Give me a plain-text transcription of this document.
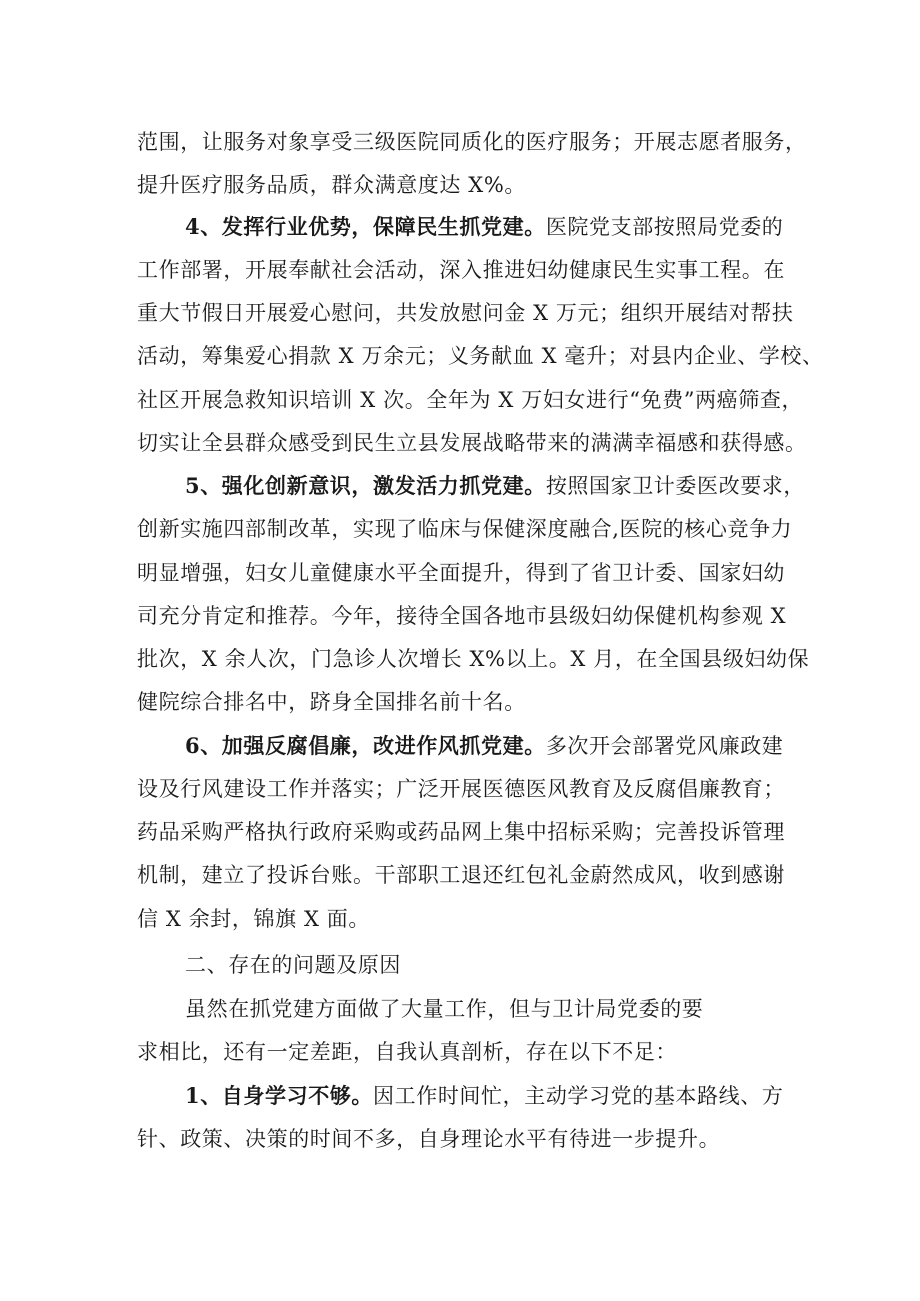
范围，让服务对象享受三级医院同质化的医疗服务；开展志愿者服务，
提升医疗服务品质，群众满意度达 X%。
4、发挥行业优势，保障民生抓党建。医院党支部按照局党委的
工作部署，开展奉献社会活动，深入推进妇幼健康民生实事工程。在
重大节假日开展爱心慰问，共发放慰问金 X 万元；组织开展结对帮扶
活动，筹集爱心捐款 X 万余元；义务献血 X 毫升；对县内企业、学校、
社区开展急救知识培训 X 次。全年为 X 万妇女进行“免费”两癌筛查，
切实让全县群众感受到民生立县发展战略带来的满满幸福感和获得感。
5、强化创新意识，激发活力抓党建。按照国家卫计委医改要求，
创新实施四部制改革，实现了临床与保健深度融合,医院的核心竞争力
明显增强，妇女儿童健康水平全面提升，得到了省卫计委、国家妇幼
司充分肯定和推荐。今年，接待全国各地市县级妇幼保健机构参观 X
批次，X 余人次，门急诊人次增长 X%以上。X 月，在全国县级妇幼保
健院综合排名中，跻身全国排名前十名。
6、加强反腐倡廉，改进作风抓党建。多次开会部署党风廉政建
设及行风建设工作并落实；广泛开展医德医风教育及反腐倡廉教育；
药品采购严格执行政府采购或药品网上集中招标采购；完善投诉管理
机制，建立了投诉台账。干部职工退还红包礼金蔚然成风，收到感谢
信 X 余封，锦旗 X 面。
二、存在的问题及原因
虽然在抓党建方面做了大量工作，但与卫计局党委的要
求相比，还有一定差距，自我认真剖析，存在以下不足：
1、自身学习不够。因工作时间忙，主动学习党的基本路线、方
针、政策、决策的时间不多，自身理论水平有待进一步提升。
